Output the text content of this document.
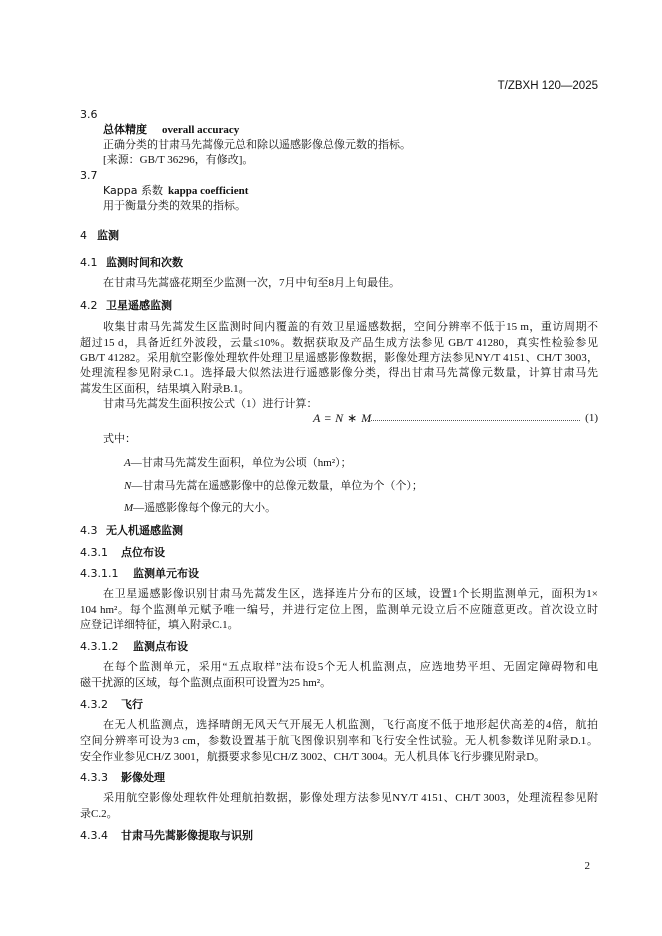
T/ZBXH 120—2025
3.6
总体精度 overall accuracy
正确分类的甘肃马先蒿像元总和除以遥感影像总像元数的指标。
[来源：GB/T 36296，有修改]。
3.7
Kappa 系数 kappa coefficient
用于衡量分类的效果的指标。
4 监测
4.1 监测时间和次数
在甘肃马先蒿盛花期至少监测一次，7月中旬至8月上旬最佳。
4.2 卫星遥感监测
收集甘肃马先蒿发生区监测时间内覆盖的有效卫星遥感数据，空间分辨率不低于15 m，重访周期不
超过15 d，具备近红外波段，云量≤10%。数据获取及产品生成方法参见 GB/T 41280，真实性检验参见
GB/T 41282。采用航空影像处理软件处理卫星遥感影像数据，影像处理方法参见NY/T 4151、CH/T 3003，
处理流程参见附录C.1。选择最大似然法进行遥感影像分类，得出甘肃马先蒿像元数量，计算甘肃马先
蒿发生区面积，结果填入附录B.1。
甘肃马先蒿发生面积按公式（1）进行计算：
A = N ∗ M	(1)
式中：
A—甘肃马先蒿发生面积，单位为公顷（hm²）；
N—甘肃马先蒿在遥感影像中的总像元数量，单位为个（个）；
M—遥感影像每个像元的大小。
4.3 无人机遥感监测
4.3.1 点位布设
4.3.1.1 监测单元布设
在卫星遥感影像识别甘肃马先蒿发生区，选择连片分布的区域，设置1个长期监测单元，面积为1×
104 hm²。每个监测单元赋予唯一编号，并进行定位上图，监测单元设立后不应随意更改。首次设立时
应登记详细特征，填入附录C.1。
4.3.1.2 监测点布设
在每个监测单元，采用“五点取样”法布设5个无人机监测点，应选地势平坦、无固定障碍物和电
磁干扰源的区域，每个监测点面积可设置为25 hm²。
4.3.2 飞行
在无人机监测点，选择晴朗无风天气开展无人机监测，飞行高度不低于地形起伏高差的4倍，航拍
空间分辨率可设为3 cm，参数设置基于航飞图像识别率和飞行安全性试验。无人机参数详见附录D.1。
安全作业参见CH/Z 3001，航摄要求参见CH/Z 3002、CH/T 3004。无人机具体飞行步骤见附录D。
4.3.3 影像处理
采用航空影像处理软件处理航拍数据，影像处理方法参见NY/T 4151、CH/T 3003，处理流程参见附
录C.2。
4.3.4 甘肃马先蒿影像提取与识别
2
